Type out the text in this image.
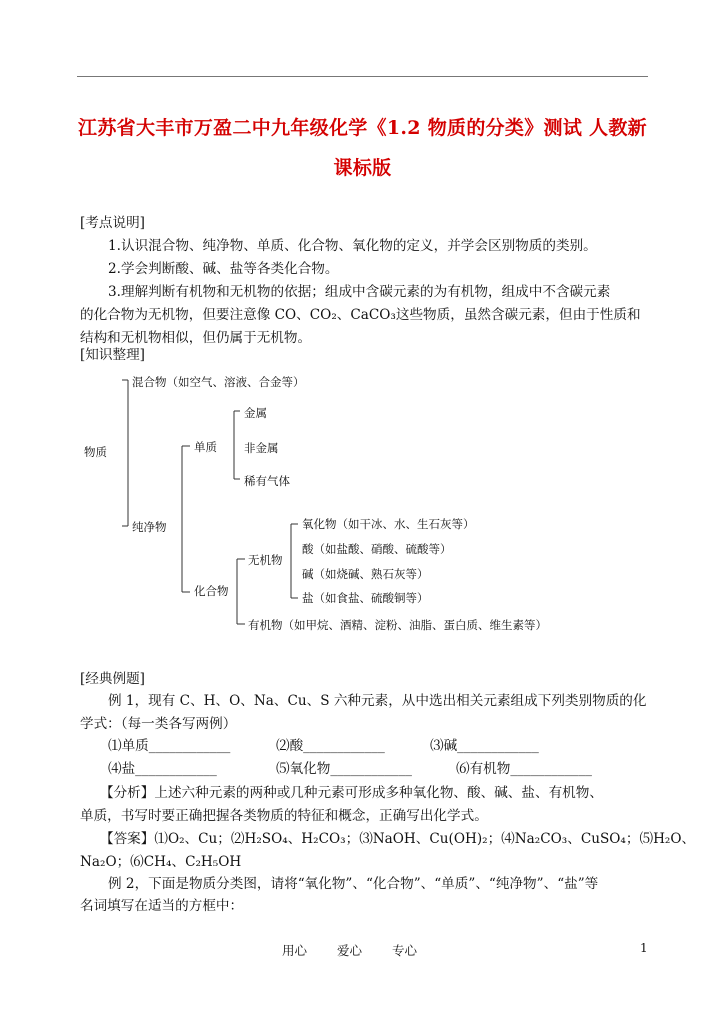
江苏省大丰市万盈二中九年级化学《1.2 物质的分类》测试 人教新
课标版
[考点说明]
1.认识混合物、纯净物、单质、化合物、氧化物的定义，并学会区别物质的类别。
2.学会判断酸、碱、盐等各类化合物。
3.理解判断有机物和无机物的依据；组成中含碳元素的为有机物，组成中不含碳元素
的化合物为无机物，但要注意像 CO、CO₂、CaCO₃这些物质，虽然含碳元素，但由于性质和
结构和无机物相似，但仍属于无机物。
[知识整理]
物质
混合物（如空气、溶液、合金等）
纯净物
单质
金属
非金属
稀有气体
化合物
无机物
氧化物（如干冰、水、生石灰等）
酸（如盐酸、硝酸、硫酸等）
碱（如烧碱、熟石灰等）
盐（如食盐、硫酸铜等）
有机物（如甲烷、酒精、淀粉、油脂、蛋白质、维生素等）
[经典例题]
例 1，现有 C、H、O、Na、Cu、S 六种元素，从中选出相关元素组成下列类别物质的化
学式：（每一类各写两例）
⑴单质____________	⑵酸____________	⑶碱____________
⑷盐____________	⑸氧化物____________	⑹有机物____________
【分析】上述六种元素的两种或几种元素可形成多种氧化物、酸、碱、盐、有机物、
单质，书写时要正确把握各类物质的特征和概念，正确写出化学式。
【答案】⑴O₂、Cu；⑵H₂SO₄、H₂CO₃；⑶NaOH、Cu(OH)₂；⑷Na₂CO₃、CuSO₄；⑸H₂O、
Na₂O；⑹CH₄、C₂H₅OH
例 2，下面是物质分类图，请将“氧化物”、“化合物”、“单质”、“纯净物”、“盐”等
名词填写在适当的方框中：
用心 爱心 专心	1
